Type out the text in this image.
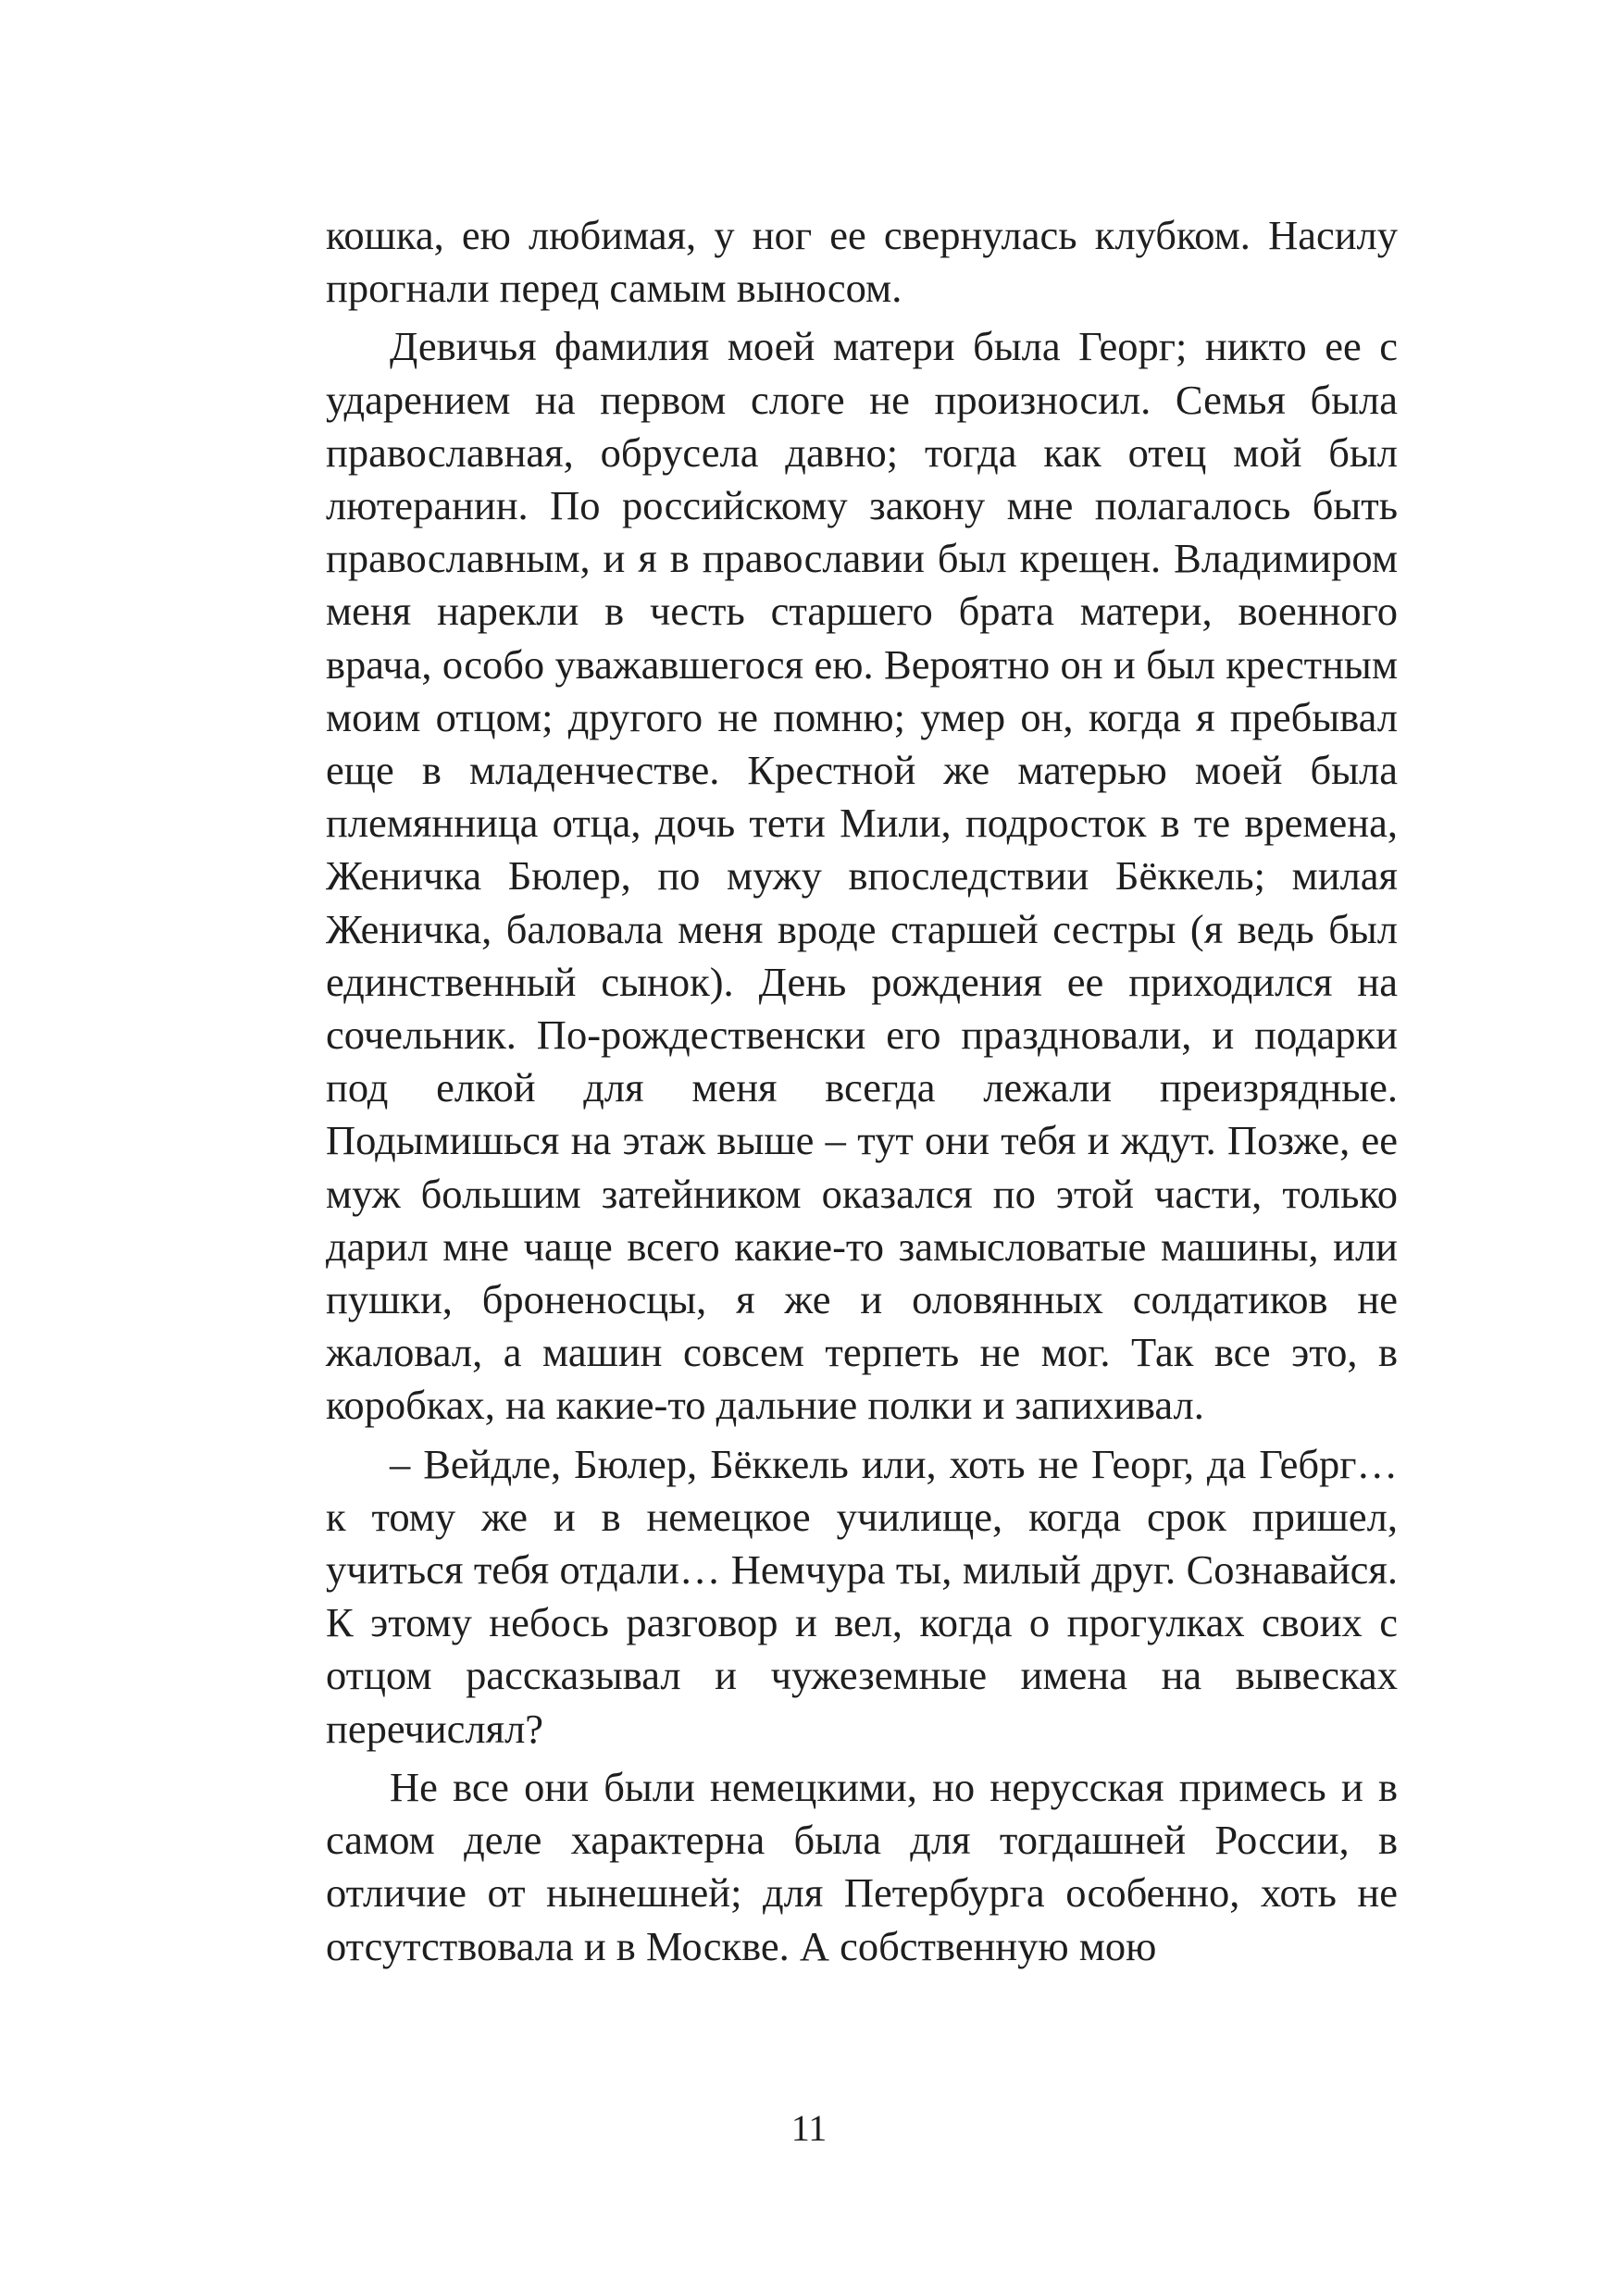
кошка, ею любимая, у ног ее свернулась клубком. Насилу прогнали перед самым выносом.

Девичья фамилия моей матери была Георг; никто ее с ударением на первом слоге не произносил. Семья была православная, обрусела давно; тогда как отец мой был лютеранин. По российскому закону мне полагалось быть православным, и я в православии был крещен. Владимиром меня нарекли в честь старшего брата матери, военного врача, особо уважавшегося ею. Вероятно он и был крестным моим отцом; другого не помню; умер он, когда я пребывал еще в младенчестве. Крестной же матерью моей была племянница отца, дочь тети Мили, подросток в те времена, Женичка Бюлер, по мужу впоследствии Бёккель; милая Женичка, баловала меня вроде старшей сестры (я ведь был единственный сынок). День рождения ее приходился на сочельник. По-рождественски его праздновали, и подарки под елкой для меня всегда лежали преизрядные. Подымишься на этаж выше – тут они тебя и ждут. Позже, ее муж большим затейником оказался по этой части, только дарил мне чаще всего какие-то замысловатые машины, или пушки, броненосцы, я же и оловянных солдатиков не жаловал, а машин совсем терпеть не мог. Так все это, в коробках, на какие-то дальние полки и запихивал.

– Вейдле, Бюлер, Бёккель или, хоть не Георг, да Гебрг… к тому же и в немецкое училище, когда срок пришел, учиться тебя отдали… Немчура ты, милый друг. Сознавайся. К этому небось разговор и вел, когда о прогулках своих с отцом рассказывал и чужеземные имена на вывесках перечислял?

Не все они были немецкими, но нерусская примесь и в самом деле характерна была для тогдашней России, в отличие от нынешней; для Петербурга особенно, хоть не отсутствовала и в Москве. А собственную мою

11
